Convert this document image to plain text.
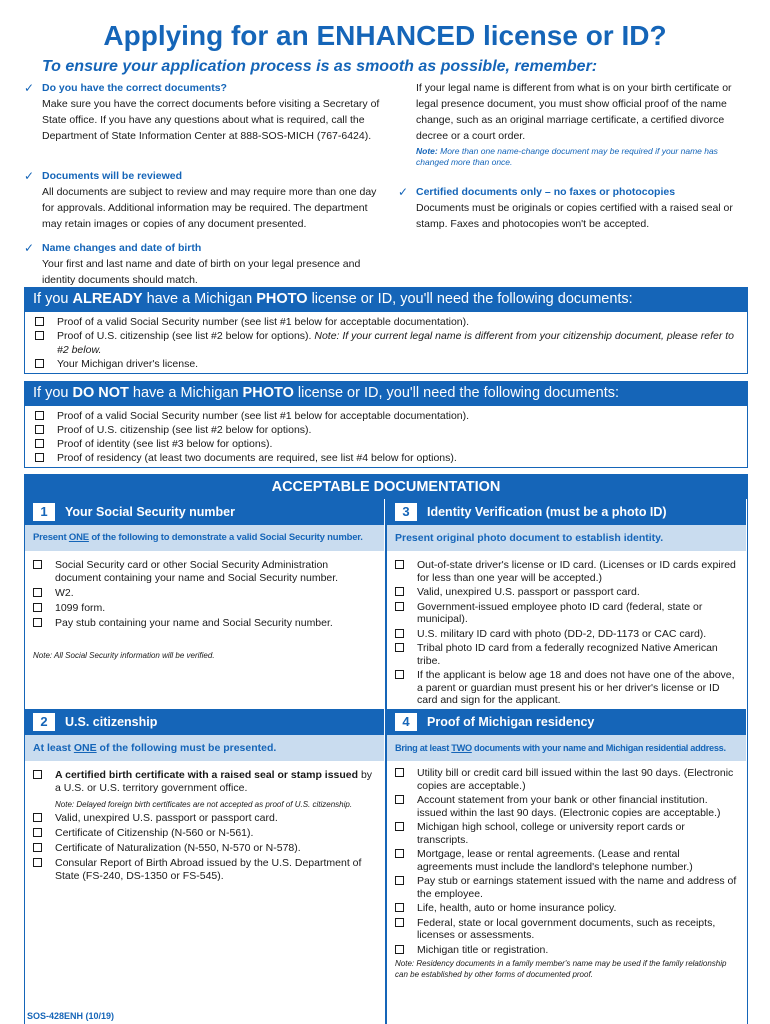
Applying for an ENHANCED license or ID?
To ensure your application process is as smooth as possible, remember:
✓ Do you have the correct documents?
Make sure you have the correct documents before visiting a Secretary of State office. If you have any questions about what is required, call the Department of State Information Center at 888-SOS-MICH (767-6424).
✓ Documents will be reviewed
All documents are subject to review and may require more than one day for approvals. Additional information may be required. The department may retain images or copies of any document presented.
✓ Name changes and date of birth
Your first and last name and date of birth on your legal presence and identity documents should match.
If your legal name is different from what is on your birth certificate or legal presence document, you must show official proof of the name change, such as an original marriage certificate, a certified divorce decree or a court order.
Note: More than one name-change document may be required if your name has changed more than once.
✓ Certified documents only – no faxes or photocopies
Documents must be originals or copies certified with a raised seal or stamp. Faxes and photocopies won't be accepted.
If you ALREADY have a Michigan PHOTO license or ID, you'll need the following documents:
Proof of a valid Social Security number (see list #1 below for acceptable documentation).
Proof of U.S. citizenship (see list #2 below for options). Note: If your current legal name is different from your citizenship document, please refer to #2 below.
Your Michigan driver's license.
If you DO NOT have a Michigan PHOTO license or ID, you'll need the following documents:
Proof of a valid Social Security number (see list #1 below for acceptable documentation).
Proof of U.S. citizenship (see list #2 below for options).
Proof of identity (see list #3 below for options).
Proof of residency (at least two documents are required, see list #4 below for options).
ACCEPTABLE DOCUMENTATION
1	Your Social Security number
Present ONE of the following to demonstrate a valid Social Security number.
Social Security card or other Social Security Administration document containing your name and Social Security number.
W2.
1099 form.
Pay stub containing your name and Social Security number.
Note: All Social Security information will be verified.
3	Identity Verification (must be a photo ID)
Present original photo document to establish identity.
Out-of-state driver's license or ID card. (Licenses or ID cards expired for less than one year will be accepted.)
Valid, unexpired U.S. passport or passport card.
Government-issued employee photo ID card (federal, state or municipal).
U.S. military ID card with photo (DD-2, DD-1173 or CAC card).
Tribal photo ID card from a federally recognized Native American tribe.
If the applicant is below age 18 and does not have one of the above, a parent or guardian must present his or her driver's license or ID card and sign for the applicant.
2	U.S. citizenship
At least ONE of the following must be presented.
A certified birth certificate with a raised seal or stamp issued by a U.S. or U.S. territory government office.
Note: Delayed foreign birth certificates are not accepted as proof of U.S. citizenship.
Valid, unexpired U.S. passport or passport card.
Certificate of Citizenship (N-560 or N-561).
Certificate of Naturalization (N-550, N-570 or N-578).
Consular Report of Birth Abroad issued by the U.S. Department of State (FS-240, DS-1350 or FS-545).
SOS-428ENH (10/19)
4	Proof of Michigan residency
Bring at least TWO documents with your name and Michigan residential address.
Utility bill or credit card bill issued within the last 90 days. (Electronic copies are acceptable.)
Account statement from your bank or other financial institution. issued within the last 90 days. (Electronic copies are acceptable.)
Michigan high school, college or university report cards or transcripts.
Mortgage, lease or rental agreements. (Lease and rental agreements must include the landlord's telephone number.)
Pay stub or earnings statement issued with the name and address of the employee.
Life, health, auto or home insurance policy.
Federal, state or local government documents, such as receipts, licenses or assessments.
Michigan title or registration.
Note: Residency documents in a family member's name may be used if the family relationship can be established by other forms of documented proof.
